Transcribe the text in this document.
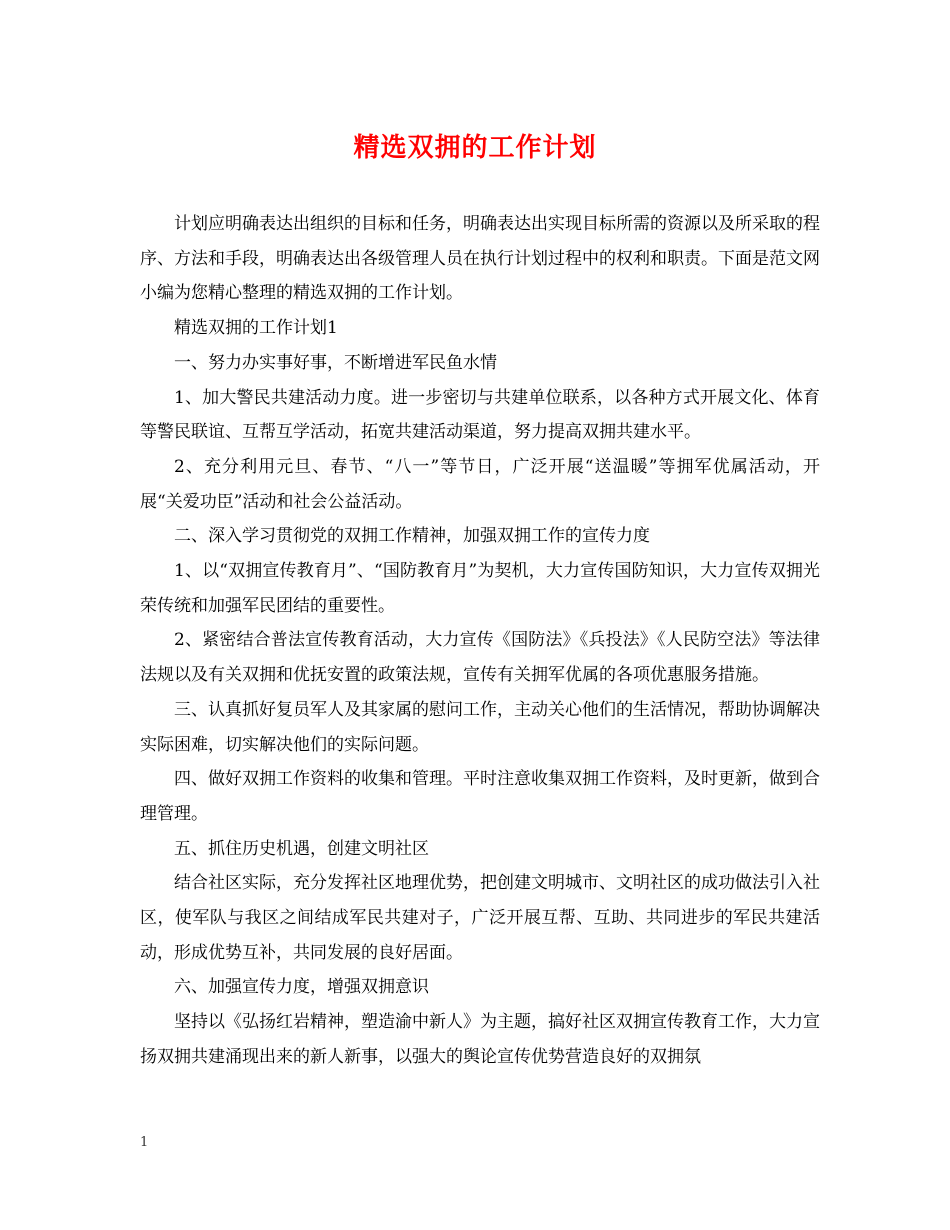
精选双拥的工作计划

计划应明确表达出组织的目标和任务，明确表达出实现目标所需的资源以及所采取的程序、方法和手段，明确表达出各级管理人员在执行计划过程中的权利和职责。下面是范文网小编为您精心整理的精选双拥的工作计划。

精选双拥的工作计划1

一、努力办实事好事，不断增进军民鱼水情

1、加大警民共建活动力度。进一步密切与共建单位联系，以各种方式开展文化、体育等警民联谊、互帮互学活动，拓宽共建活动渠道，努力提高双拥共建水平。

2、充分利用元旦、春节、“八一”等节日，广泛开展“送温暖”等拥军优属活动，开展“关爱功臣”活动和社会公益活动。

二、深入学习贯彻党的双拥工作精神，加强双拥工作的宣传力度

1、以“双拥宣传教育月”、“国防教育月”为契机，大力宣传国防知识，大力宣传双拥光荣传统和加强军民团结的重要性。

2、紧密结合普法宣传教育活动，大力宣传《国防法》《兵投法》《人民防空法》等法律法规以及有关双拥和优抚安置的政策法规，宣传有关拥军优属的各项优惠服务措施。

三、认真抓好复员军人及其家属的慰问工作，主动关心他们的生活情况，帮助协调解决实际困难，切实解决他们的实际问题。

四、做好双拥工作资料的收集和管理。平时注意收集双拥工作资料，及时更新，做到合理管理。

五、抓住历史机遇，创建文明社区

结合社区实际，充分发挥社区地理优势，把创建文明城市、文明社区的成功做法引入社区，使军队与我区之间结成军民共建对子，广泛开展互帮、互助、共同进步的军民共建活动，形成优势互补，共同发展的良好居面。

六、加强宣传力度，增强双拥意识

坚持以《弘扬红岩精神，塑造渝中新人》为主题，搞好社区双拥宣传教育工作，大力宣扬双拥共建涌现出来的新人新事，以强大的舆论宣传优势营造良好的双拥氛

1
